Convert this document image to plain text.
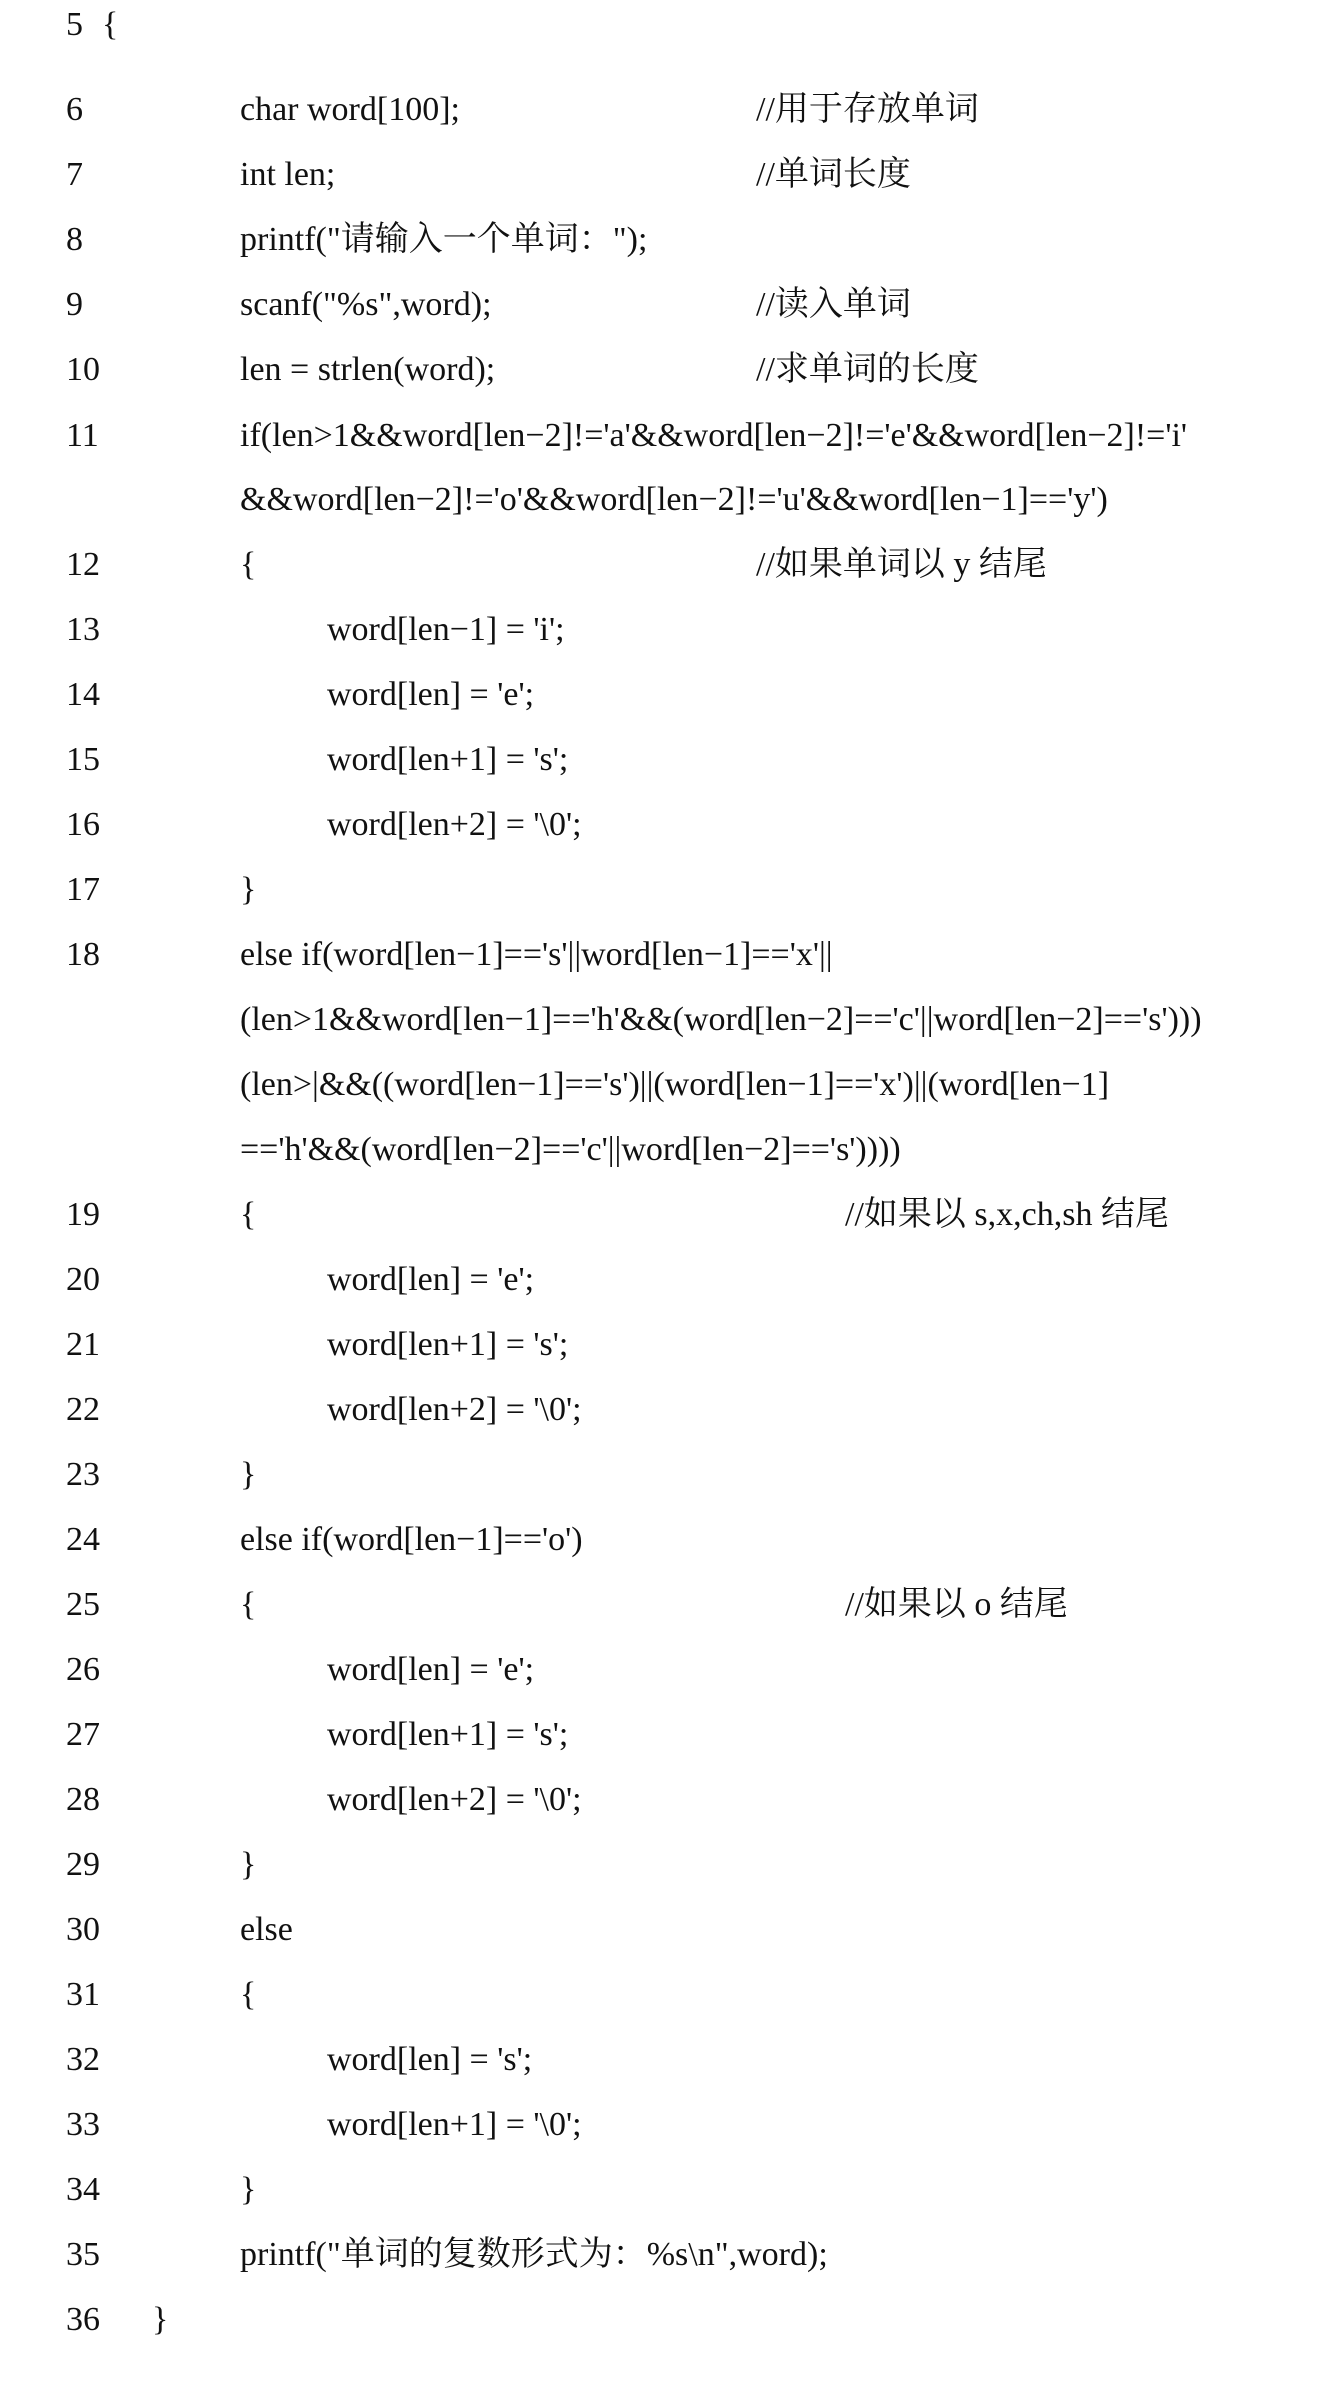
5 {
6	char word[100];	//用于存放单词
7	int len;	//单词长度
8	printf("请输入一个单词：");
9	scanf("%s",word);	//读入单词
10	len = strlen(word);	//求单词的长度
11	if(len>1&&word[len−2]!='a'&&word[len−2]!='e'&&word[len−2]!='i'
&&word[len−2]!='o'&&word[len−2]!='u'&&word[len−1]=='y')
12	{	//如果单词以 y 结尾
13	word[len−1] = 'i';
14	word[len] = 'e';
15	word[len+1] = 's';
16	word[len+2] = '\0';
17	}
18	else if(word[len−1]=='s'||word[len−1]=='x'||
(len>1&&word[len−1]=='h'&&(word[len−2]=='c'||word[len−2]=='s')))
(len>|&&((word[len−1]=='s')||(word[len−1]=='x')||(word[len−1]
=='h'&&(word[len−2]=='c'||word[len−2]=='s'))))
19	{	//如果以 s,x,ch,sh 结尾
20	word[len] = 'e';
21	word[len+1] = 's';
22	word[len+2] = '\0';
23	}
24	else if(word[len−1]=='o')
25	{	//如果以 o 结尾
26	word[len] = 'e';
27	word[len+1] = 's';
28	word[len+2] = '\0';
29	}
30	else
31	{
32	word[len] = 's';
33	word[len+1] = '\0';
34	}
35	printf("单词的复数形式为：%s\n",word);
36 }
